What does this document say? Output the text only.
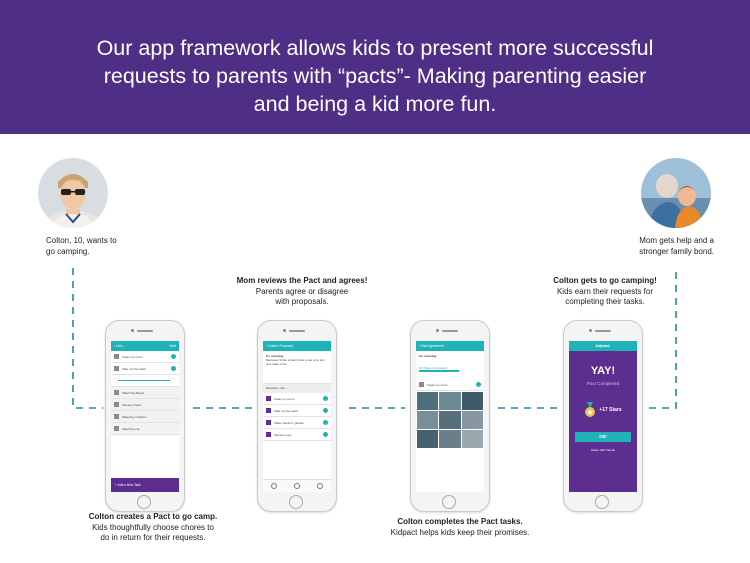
Our app framework allows kids to present more successful
requests to parents with “pacts”- Making parenting easier
and being a kid more fun.
Colton, 10, wants to
go camping.
Mom gets help and a
stronger family bond.
Mom reviews the Pact and agrees!
Parents agree or disagree
with proposals.
Colton gets to go camping!
Kids earn their requests for
completing their tasks.
Colton creates a Pact to go camp.
Kids thoughtfully choose chores to
do in return for their requests.
Colton completes the Pact tasks.
Kidpact helps kids keep their promises.
‹ Let's...	Next
Clean my room
Take out the trash
Watch the Bears
Vacuum Clean
Watering / Garden
Wash the car
+ Add a New Task
‹ Colton's Proposal
Go camping
Because I'd like to learn how to set up a tent and make a fire.
Because I will...
Clean my room
Take out the trash
Water plants in garden
Vacuum rugs
‹ Pact Agreement
Go camping
0/7 Tasks Completed
Clean my room
kidpact.
YAY!
Pact Completed
+17 Stars
Ok!
Share with friends
